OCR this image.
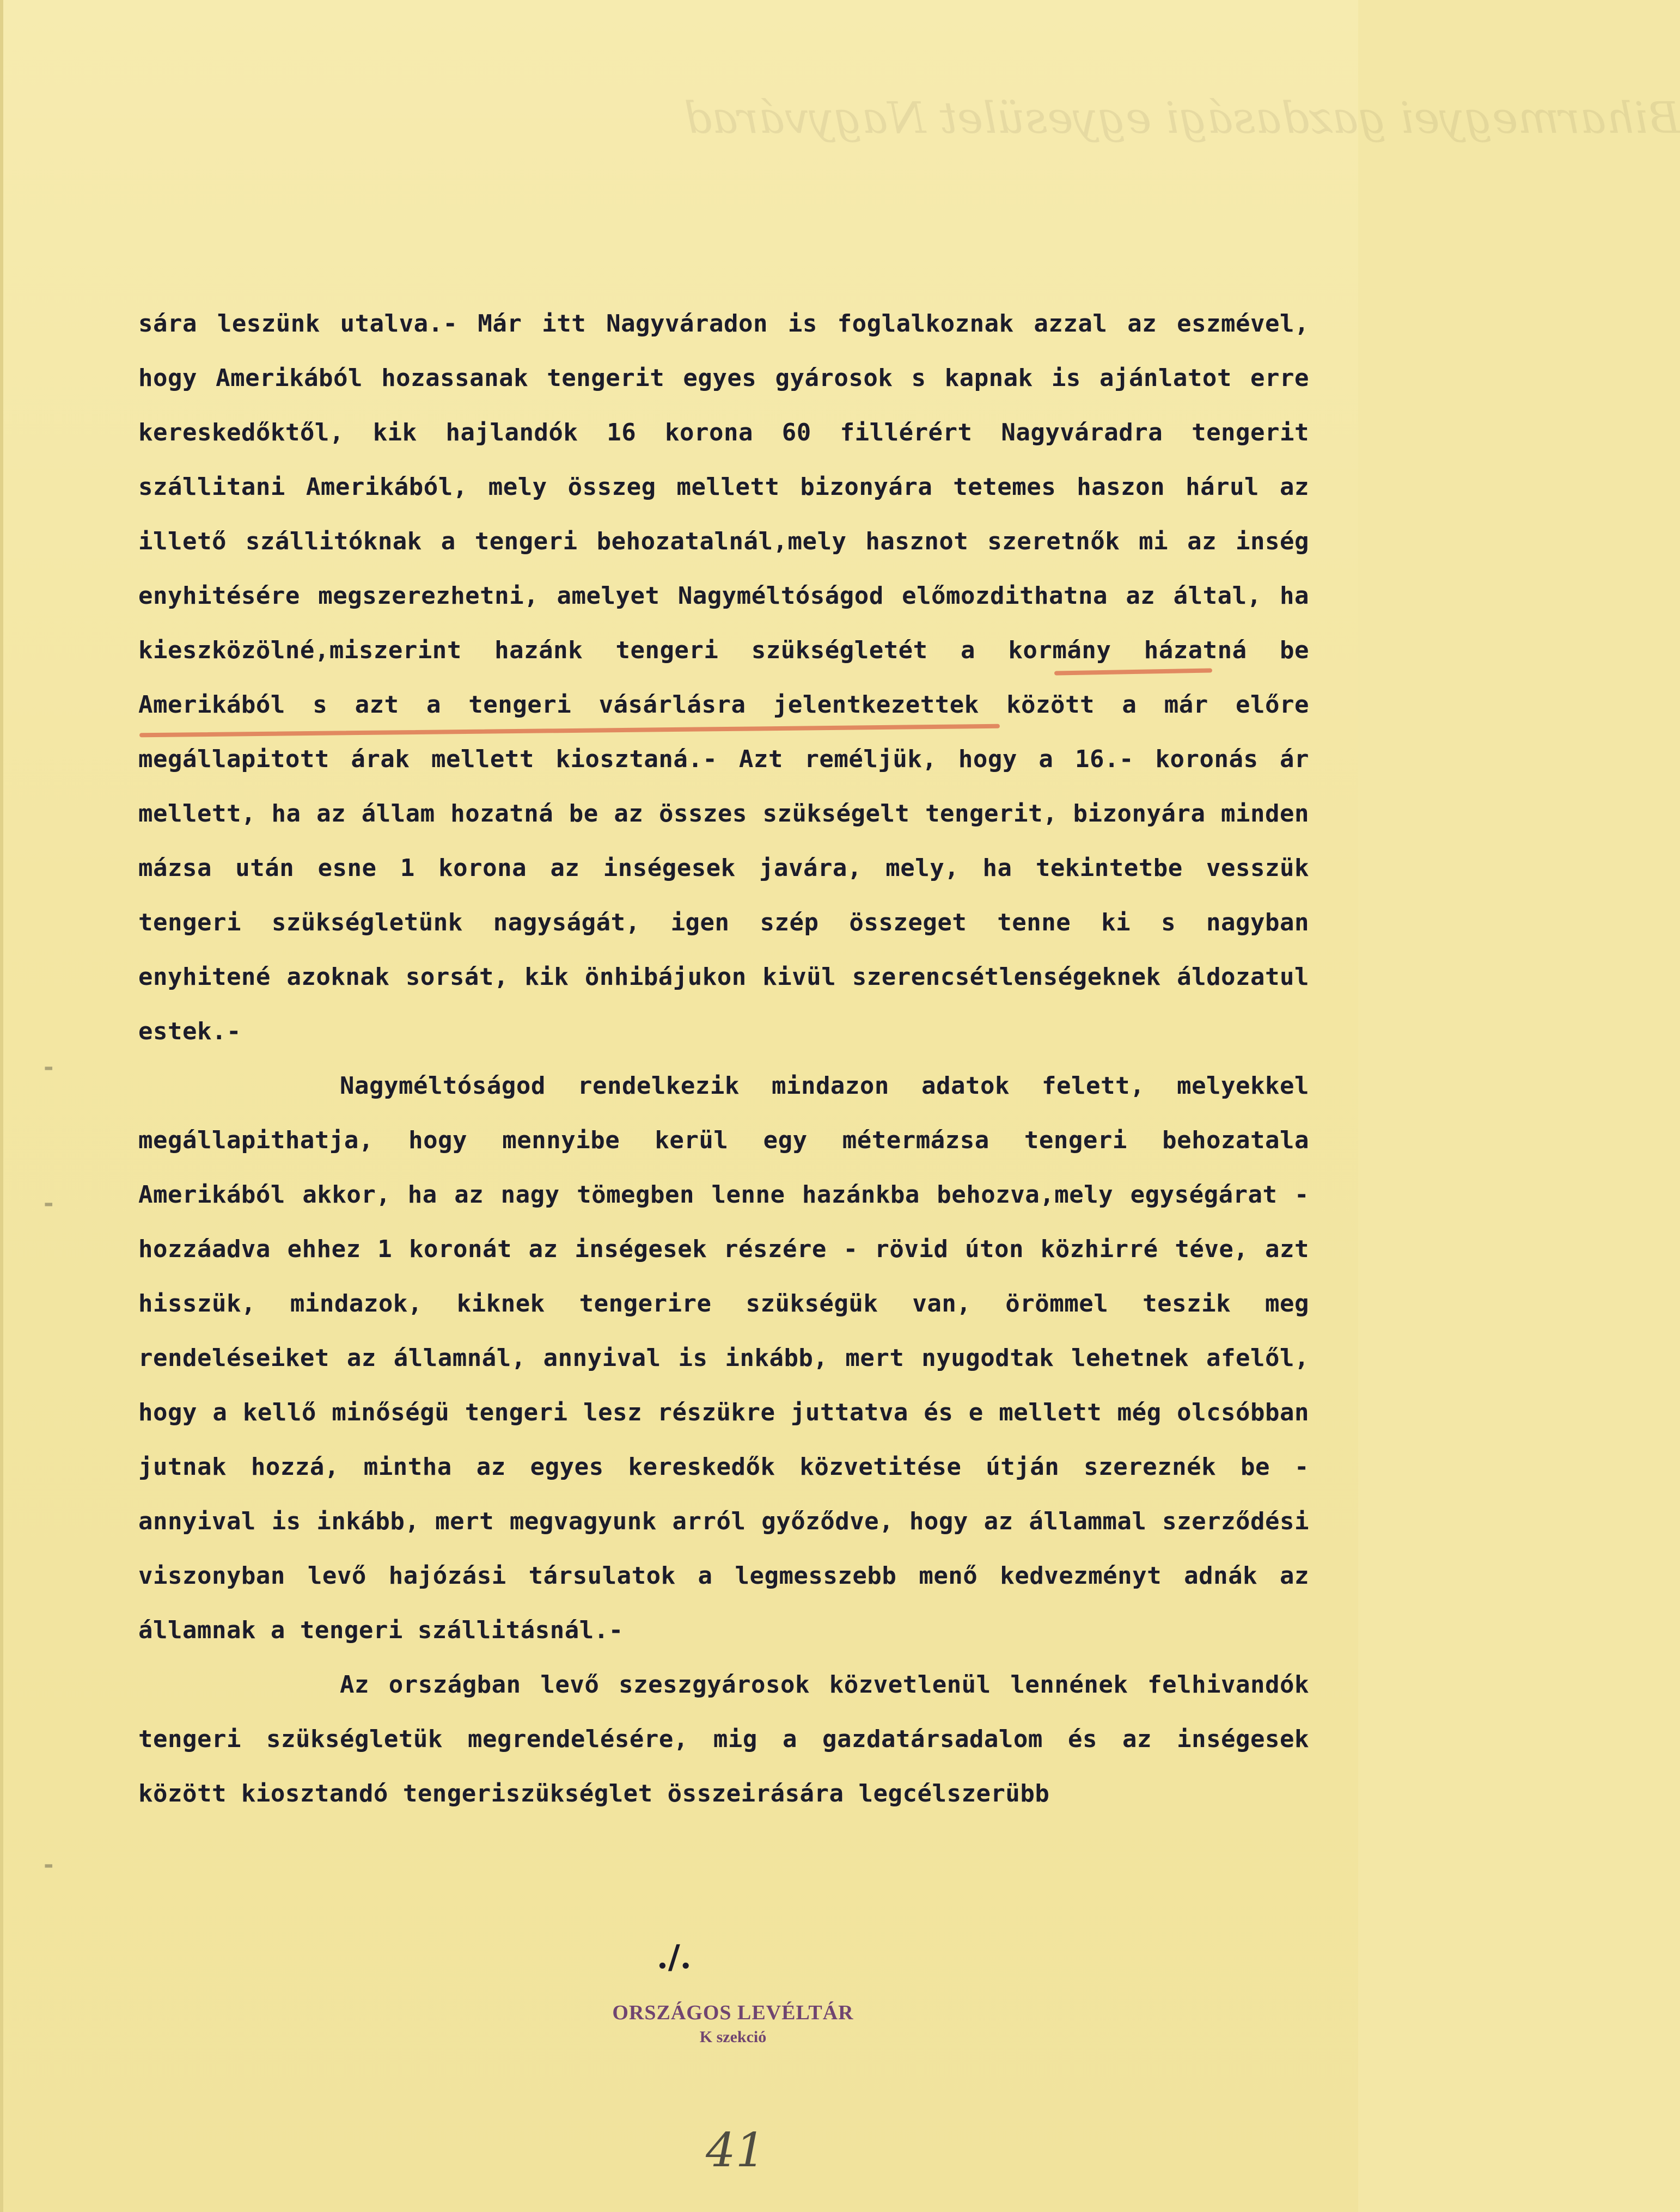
Biharmegyei gazdasági egyesület Nagyvárad
-
-
-

sára leszünk utalva.- Már itt Nagyváradon is foglalkoznak azzal az eszmével, hogy Amerikából hozassanak tengerit egyes gyárosok s kapnak is ajánlatot erre kereskedőktől, kik hajlandók 16 korona 60 fillérért Nagyváradra tengerit szállitani Amerikából, mely összeg mellett bizonyára tetemes haszon hárul az illető szállitóknak a tengeri behozatalnál,mely hasznot szeretnők mi az inség enyhitésére megszerezhetni, amelyet Nagyméltóságod előmozdithatna az által, ha kieszközölné,miszerint hazánk tengeri szükségletét a kormány házatná be Amerikából s azt a tengeri vásárlásra jelentkezettek között a már előre megállapitott árak mellett kiosztaná.- Azt reméljük, hogy a 16.- koronás ár mellett, ha az állam hozatná be az összes szükségelt tengerit, bizonyára minden mázsa után esne 1 korona az inségesek javára, mely, ha tekintetbe vesszük tengeri szükségletünk nagyságát, igen szép összeget tenne ki s nagyban enyhitené azoknak sorsát, kik önhibájukon kivül szerencsétlenségeknek áldozatul estek.-

Nagyméltóságod rendelkezik mindazon adatok felett, melyekkel megállapithatja, hogy mennyibe kerül egy métermázsa tengeri behozatala Amerikából akkor, ha az nagy tömegben lenne hazánkba behozva,mely egységárat - hozzáadva ehhez 1 koronát az inségesek részére - rövid úton közhirré téve, azt hisszük, mindazok, kiknek tengerire szükségük van, örömmel teszik meg rendeléseiket az államnál, annyival is inkább, mert nyugodtak lehetnek afelől, hogy a kellő minőségü tengeri lesz részükre juttatva és e mellett még olcsóbban jutnak hozzá, mintha az egyes kereskedők közvetitése útján szereznék be - annyival is inkább, mert megvagyunk arról győződve, hogy az állammal szerződési viszonyban levő hajózási társulatok a legmesszebb menő kedvezményt adnák az államnak a tengeri szállitásnál.-

Az országban levő szeszgyárosok közvetlenül lennének felhivandók tengeri szükségletük megrendelésére, mig a gazdatársadalom és az inségesek között kiosztandó tengeriszükséglet összeirására legcélszerübb

./.
ORSZÁGOS LEVÉLTÁR
K szekció
41
